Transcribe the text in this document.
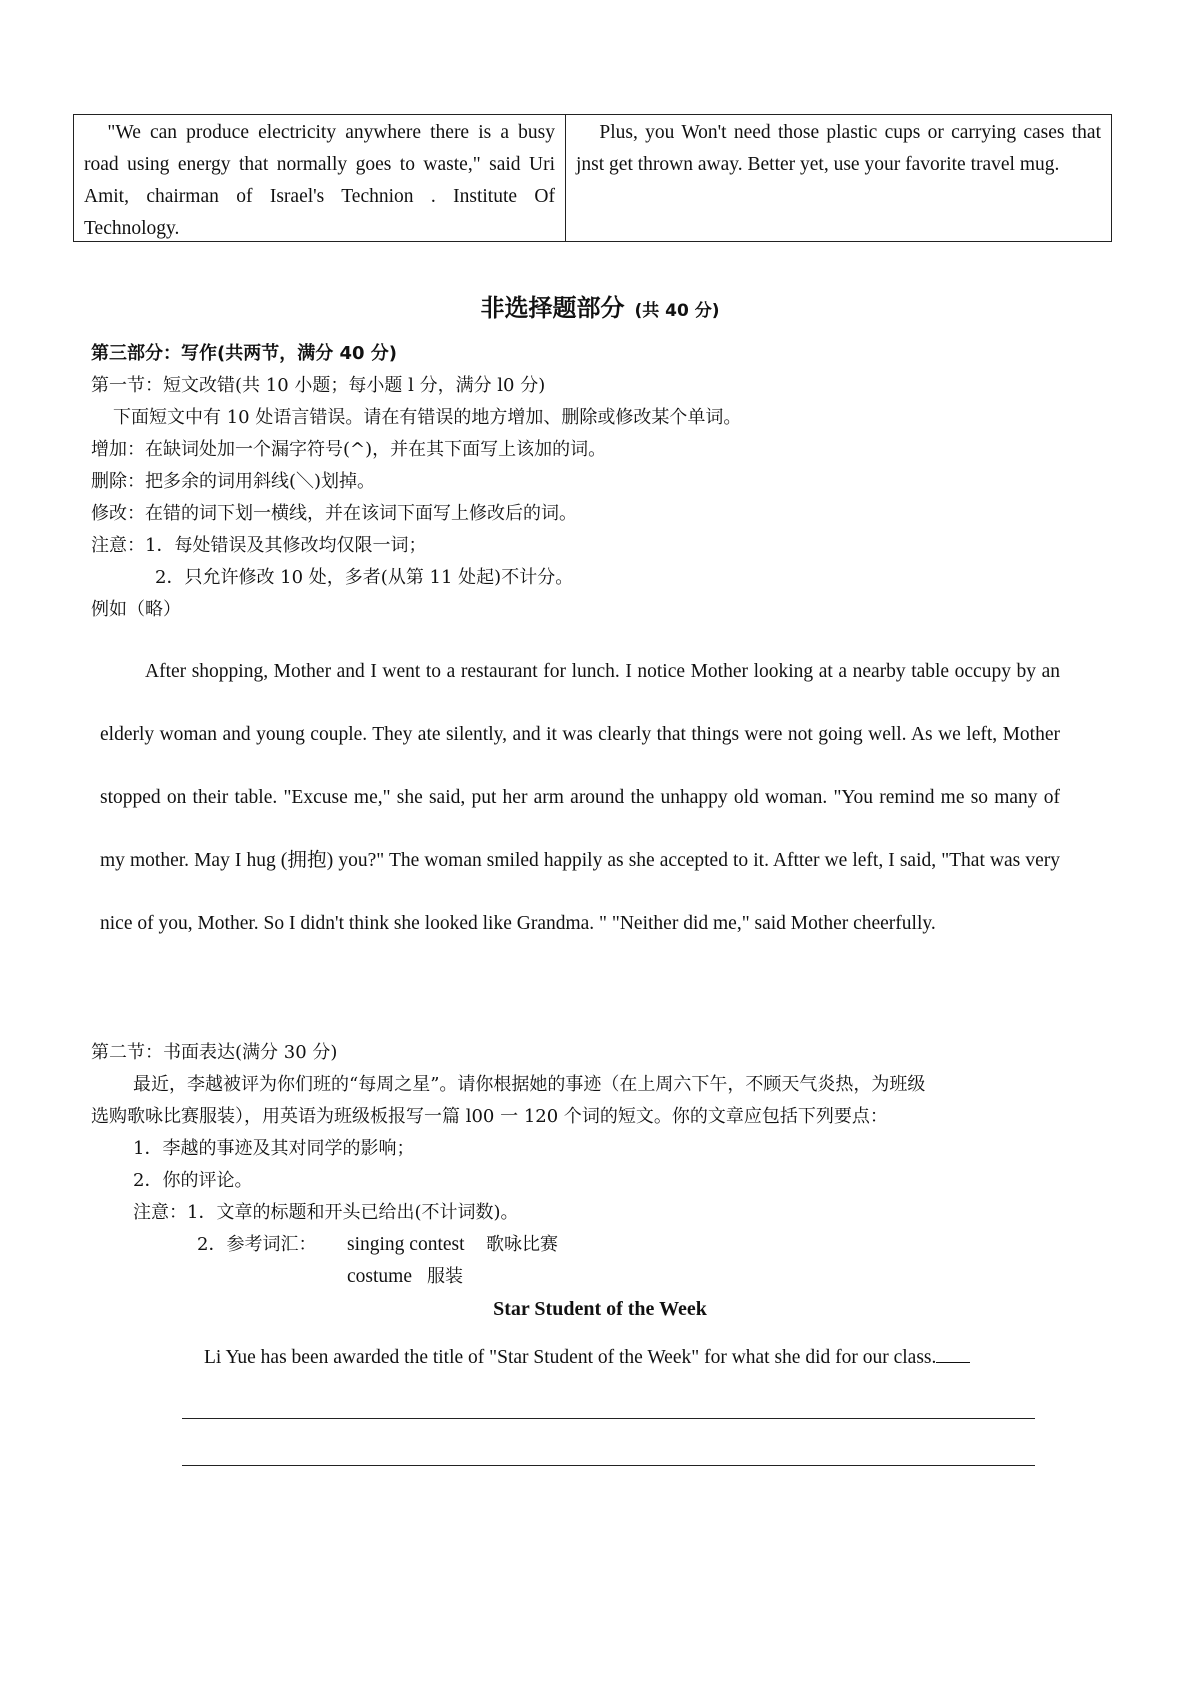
"We can produce electricity anywhere there is a busy road using energy that normally goes to waste," said Uri Amit, chairman of Israel's Technion . Institute Of Technology.
Plus, you Won't need those plastic cups or carrying cases that jnst get thrown away. Better yet, use your favorite travel mug.
非选择题部分 (共 40 分)
第三部分：写作(共两节，满分 40 分)
第一节：短文改错(共 10 小题；每小题 l 分，满分 l0 分)
下面短文中有 10 处语言错误。请在有错误的地方增加、删除或修改某个单词。
增加：在缺词处加一个漏字符号(^)，并在其下面写上该加的词。
删除：把多余的词用斜线(＼)划掉。
修改：在错的词下划一横线，并在该词下面写上修改后的词。
注意：1．每处错误及其修改均仅限一词；
2．只允许修改 10 处，多者(从第 11 处起)不计分。
例如（略）
After shopping, Mother and I went to a restaurant for lunch. I notice Mother looking at a nearby table occupy by an elderly woman and young couple. They ate silently, and it was clearly that things were not going well. As we left, Mother stopped on their table. "Excuse me," she said, put her arm around the unhappy old woman. "You remind me so many of my mother. May I hug (拥抱) you?" The woman smiled happily as she accepted to it. Aftter we left, I said, "That was very nice of you, Mother. So I didn't think she looked like Grandma. " "Neither did me," said Mother cheerfully.
第二节：书面表达(满分 30 分)
最近，李越被评为你们班的“每周之星”。请你根据她的事迹（在上周六下午，不顾天气炎热，为班级
选购歌咏比赛服装），用英语为班级板报写一篇 l00 一 120 个词的短文。你的文章应包括下列要点：
1．李越的事迹及其对同学的影响；
2．你的评论。
注意：1．文章的标题和开头已给出(不计词数)。
2．参考词汇： singing contest 歌咏比赛
costume 服装
Star Student of the Week
Li Yue has been awarded the title of "Star Student of the Week" for what she did for our class.
